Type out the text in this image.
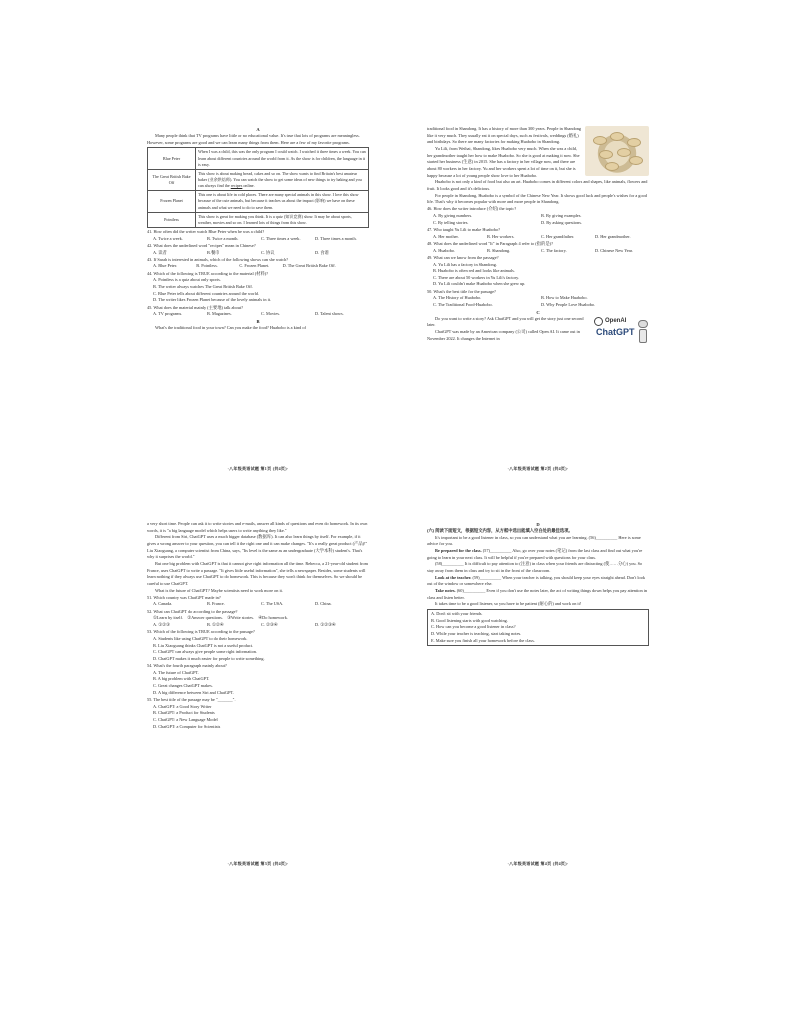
A

Many people think that TV programs have little or no educational value. It's true that lots of programs are meaningless. However, some programs are good and we can learn many things from them. Here are a few of my favorite programs.

Blue Peter	When I was a child, this was the only program I could watch. I watched it three times a week. You can learn about different countries around the world from it. As the show is for children, the language in it is easy.
The Great British Bake Off	This show is about making bread, cakes and so on. The show wants to find Britain's best amateur baker (业余烘焙师). You can watch the show to get some ideas of new things to try baking and you can always find the recipes online.
Frozen Planet	This one is about life in cold places. There are many special animals in this show. I love this show because of the cute animals, but because it teaches us about the impact (影响) we have on these animals and what we need to do to save them.
Pointless	This show is great for making you think. It is a quiz (知识竞赛) show. It may be about sports, weather, movies and so on. I learned lots of things from this show.
41. How often did the writer watch Blue Peter when he was a child?
A. Twice a week.	B. Twice a month.	C. Three times a week.	D. Three times a month.
42. What does the underlined word "recipes" mean in Chinese?
A. 读者	B.餐巾	C. 协议	D. 食谱
43. If Sarah is interested in animals, which of the following shows can she watch?
A. Blue Peter.	B. Pointless.	C. Frozen Planet.	D. The Great British Bake Off.
44. Which of the following is TRUE according to the material (材料)?
A. Pointless is a quiz about only sports.
B. The writer always watches The Great British Bake Off.
C. Blue Peter tells about different countries around the world.
D. The writer likes Frozen Planet because of the lovely animals in it.
45. What does the material mainly (主要地) talk about?
A. TV programs.	B. Magazines.	C. Movies.	D. Talent shows.
B

What's the traditional food in your town? Can you make the food? Huabobo is a kind of

·八年级英语试题 第1页 (共4页)·

traditional food in Shandong. It has a history of more than 300 years. People in Shandong like it very much. They usually eat it on special days, such as festivals, weddings (婚礼) and birthdays. So there are many factories for making Huabobo in Shandong.

Yu Lili, from Weihai, Shandong, likes Huabobo very much. When she was a child, her grandmother taught her how to make Huabobo. So she is good at making it now. She started her business (生意) in 2015. She has a factory in her village now, and there are about 80 workers in her factory. Yu and her workers spent a lot of time on it, but she is happy because a lot of young people show love to her Huabobo.

Huabobo is not only a kind of food but also an art. Huabobo comes in different colors and shapes, like animals, flowers and fruit. It looks good and it's delicious.

For people in Shandong, Huabobo is a symbol of the Chinese New Year. It shows good luck and people's wishes for a good life. That's why it becomes popular with more and more people in Shandong.

46. How does the writer introduce (介绍) the topic?
A. By giving numbers.	B. By giving examples.
C. By telling stories.	D. By asking questions.
47. Who taught Yu Lili to make Huabobo?
A. Her mother.	B. Her workers.	C. Her grandfather.	D. Her grandmother.
48. What does the underlined word "It" in Paragraph 4 refer to (指的是)?
A. Huabobo.	B. Shandong.	C. The factory.	D. Chinese New Year.
49. What can we know from the passage?
A. Yu Lili has a factory in Shandong.
B. Huabobo is often red and looks like animals.
C. There are about 50 workers in Yu Lili's factory.
D. Yu Lili couldn't make Huabobo when she grew up.
50. What's the best title for the passage?
A. The History of Huabobo.	B. How to Make Huabobo.
C. The Traditional Food-Huabobo.	D. Why People Love Huabobo.
C
OpenAI
ChatGPT

Do you want to write a story? Ask ChatGPT and you will get the story just one second later.

ChatGPT was made by an American company (公司) called Open AI. It came out in November 2022. It changes the Internet in

·八年级英语试题 第2页 (共4页)·

a very short time. People can ask it to write stories and e-mails, answer all kinds of questions and even do homework. In its own words, it is "a big language model which helps users to write anything they like."

Different from Siri, ChatGPT uses a much bigger database (数据库). It can also learn things by itself. For example, if it gives a wrong answer to your question, you can tell it the right one and it can make changes. "It's a really great product (产品)!" Liu Xiaoguang, a computer scientist from China, says, "Its level is the same as an undergraduate (大学本科) student's. That's why it surprises the world."

But one big problem with ChatGPT is that it cannot give right information all the time. Rebecca, a 21-year-old student from France, uses ChatGPT to write a passage. "It gives little useful information", she tells a newspaper. Besides, some students will learn nothing if they always use ChatGPT to do homework. This is because they won't think for themselves. So we should be careful to use ChatGPT.

What is the future of ChatGPT? Maybe scientists need to work more on it.

51. Which country was ChatGPT made in?
A. Canada.	B. France.	C. The USA.	D. China.
52. What can ChatGPT do according to the passage?
①Learn by itself.　②Answer questions.　③Write stories.　④Do homework.
A. ①②③	B. ①②④	C. ②③④	D. ①②③④
53. Which of the following is TRUE according to the passage?
A. Students like using ChatGPT to do their homework.
B. Liu Xiaoguang thinks ChatGPT is not a useful product.
C. ChatGPT can always give people some right information.
D. ChatGPT makes it much easier for people to write something.
54. What's the fourth paragraph mainly about?
A. The future of ChatGPT.
B. A big problem with ChatGPT.
C. Great changes ChatGPT makes.
D. A big difference between Siri and ChatGPT.
55. The best title of the passage may be "_______".
A. ChatGPT: a Good Story Writer
B. ChatGPT: a Product for Students
C. ChatGPT: a New Language Model
D. ChatGPT: a Computer for Scientists
·八年级英语试题 第3页 (共4页)·
D

(六) 阅读下面短文，根据短文内容，从方框中选出能填入空白处的最佳选项。

It's important to be a good listener in class, so you can understand what you are learning. (56)__________ Here is some advice for you.

Be prepared for the class. (57)__________ Also, go over your notes (笔记) from the last class and find out what you're going to learn in your next class. It will be helpful if you're prepared with questions for your class.

(58)__________ It is difficult to pay attention to (注意) in class when your friends are distracting (使……分心) you. So stay away from them in class and try to sit in the front of the classroom.

Look at the teacher. (59)__________ When your teacher is talking, you should keep your eyes straight ahead. Don't look out of the window or somewhere else.

Take notes. (60)__________ Even if you don't use the notes later, the act of writing things down helps you pay attention in class and listen better.

It takes time to be a good listener, so you have to be patient (耐心的) and work on it!

A. Don't sit with your friends.
B. Good listening starts with good watching.
C. How can you become a good listener in class?
D. While your teacher is teaching, start taking notes.
E. Make sure you finish all your homework before the class.
·八年级英语试题 第4页 (共4页)·
